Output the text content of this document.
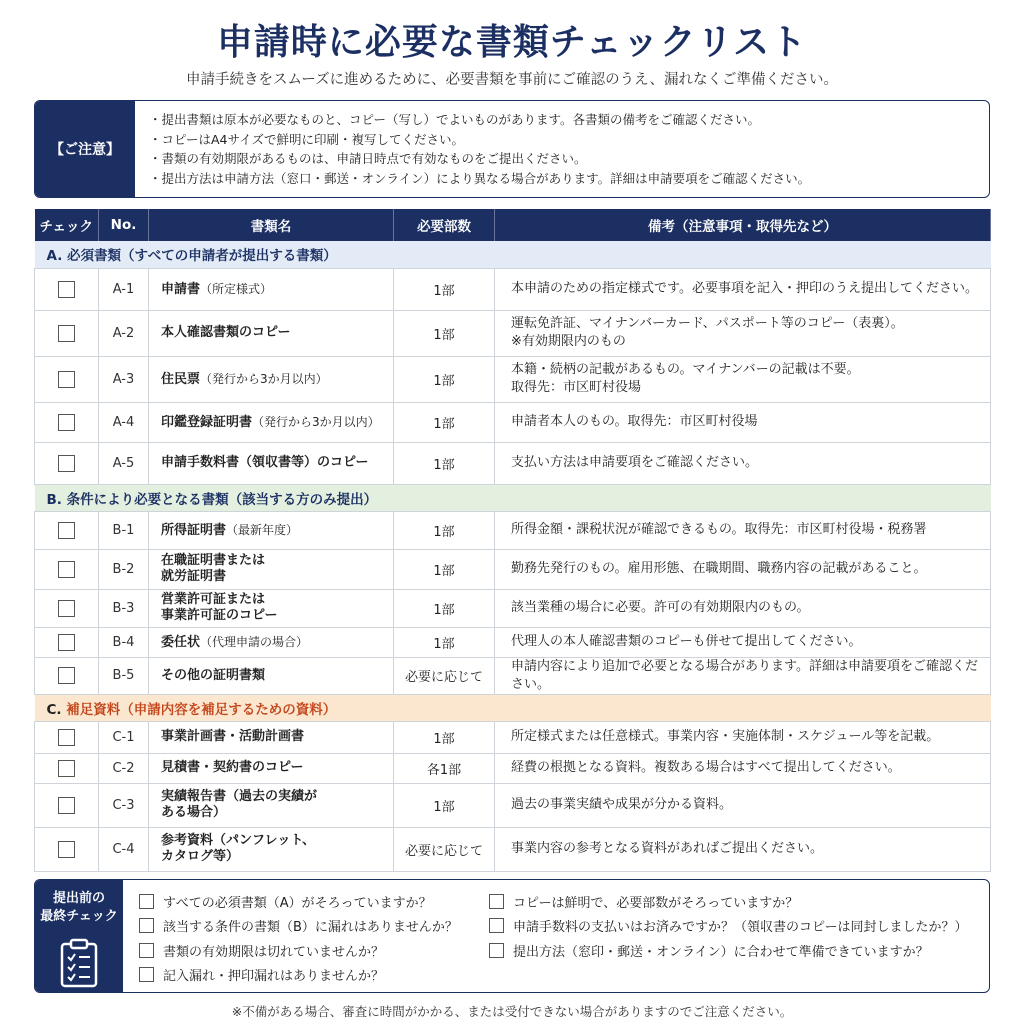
申請時に必要な書類チェックリスト

申請手続きをスムーズに進めるために、必要書類を事前にご確認のうえ、漏れなくご準備ください。

【ご注意】
・提出書類は原本が必要なものと、コピー（写し）でよいものがあります。各書類の備考をご確認ください。
・コピーはA4サイズで鮮明に印刷・複写してください。
・書類の有効期限があるものは、申請日時点で有効なものをご提出ください。
・提出方法は申請方法（窓口・郵送・オンライン）により異なる場合があります。詳細は申請要項をご確認ください。
チェック	No.	書類名	必要部数	備考（注意事項・取得先など）
A. 必須書類（すべての申請者が提出する書類）				
	A-1	申請書（所定様式）	1部	本申請のための指定様式です。必要事項を記入・押印のうえ提出してください。

	A-2	本人確認書類のコピー	1部	運転免許証、マイナンバーカード、パスポート等のコピー（表裏）。
※有効期限内のもの

	A-3	住民票（発行から3か月以内）	1部	本籍・続柄の記載があるもの。マイナンバーの記載は不要。
取得先：市区町村役場

	A-4	印鑑登録証明書（発行から3か月以内）	1部	申請者本人のもの。取得先：市区町村役場

	A-5	申請手数料書（領収書等）のコピー	1部	支払い方法は申請要項をご確認ください。

B. 条件により必要となる書類（該当する方のみ提出）				
	B-1	所得証明書（最新年度）	1部	所得金額・課税状況が確認できるもの。取得先：市区町村役場・税務署

	B-2	在職証明書または
就労証明書	1部	勤務先発行のもの。雇用形態、在職期間、職務内容の記載があること。

	B-3	営業許可証または
事業許可証のコピー	1部	該当業種の場合に必要。許可の有効期限内のもの。

	B-4	委任状（代理申請の場合）	1部	代理人の本人確認書類のコピーも併せて提出してください。

	B-5	その他の証明書類	必要に応じて	申請内容により追加で必要となる場合があります。詳細は申請要項をご確認ください。

C. 補足資料（申請内容を補足するための資料）				
	C-1	事業計画書・活動計画書	1部	所定様式または任意様式。事業内容・実施体制・スケジュール等を記載。

	C-2	見積書・契約書のコピー	各1部	経費の根拠となる資料。複数ある場合はすべて提出してください。

	C-3	実績報告書（過去の実績が
ある場合）	1部	過去の事業実績や成果が分かる資料。

	C-4	参考資料（パンフレット、
カタログ等）	必要に応じて	事業内容の参考となる資料があればご提出ください。
提出前の
最終チェック
すべての必須書類（A）がそろっていますか？
該当する条件の書類（B）に漏れはありませんか？
書類の有効期限は切れていませんか？
記入漏れ・押印漏れはありませんか？
コピーは鮮明で、必要部数がそろっていますか？
申請手数料の支払いはお済みですか？（領収書のコピーは同封しましたか？）
提出方法（窓印・郵送・オンライン）に合わせて準備できていますか？

※不備がある場合、審査に時間がかかる、または受付できない場合がありますのでご注意ください。
